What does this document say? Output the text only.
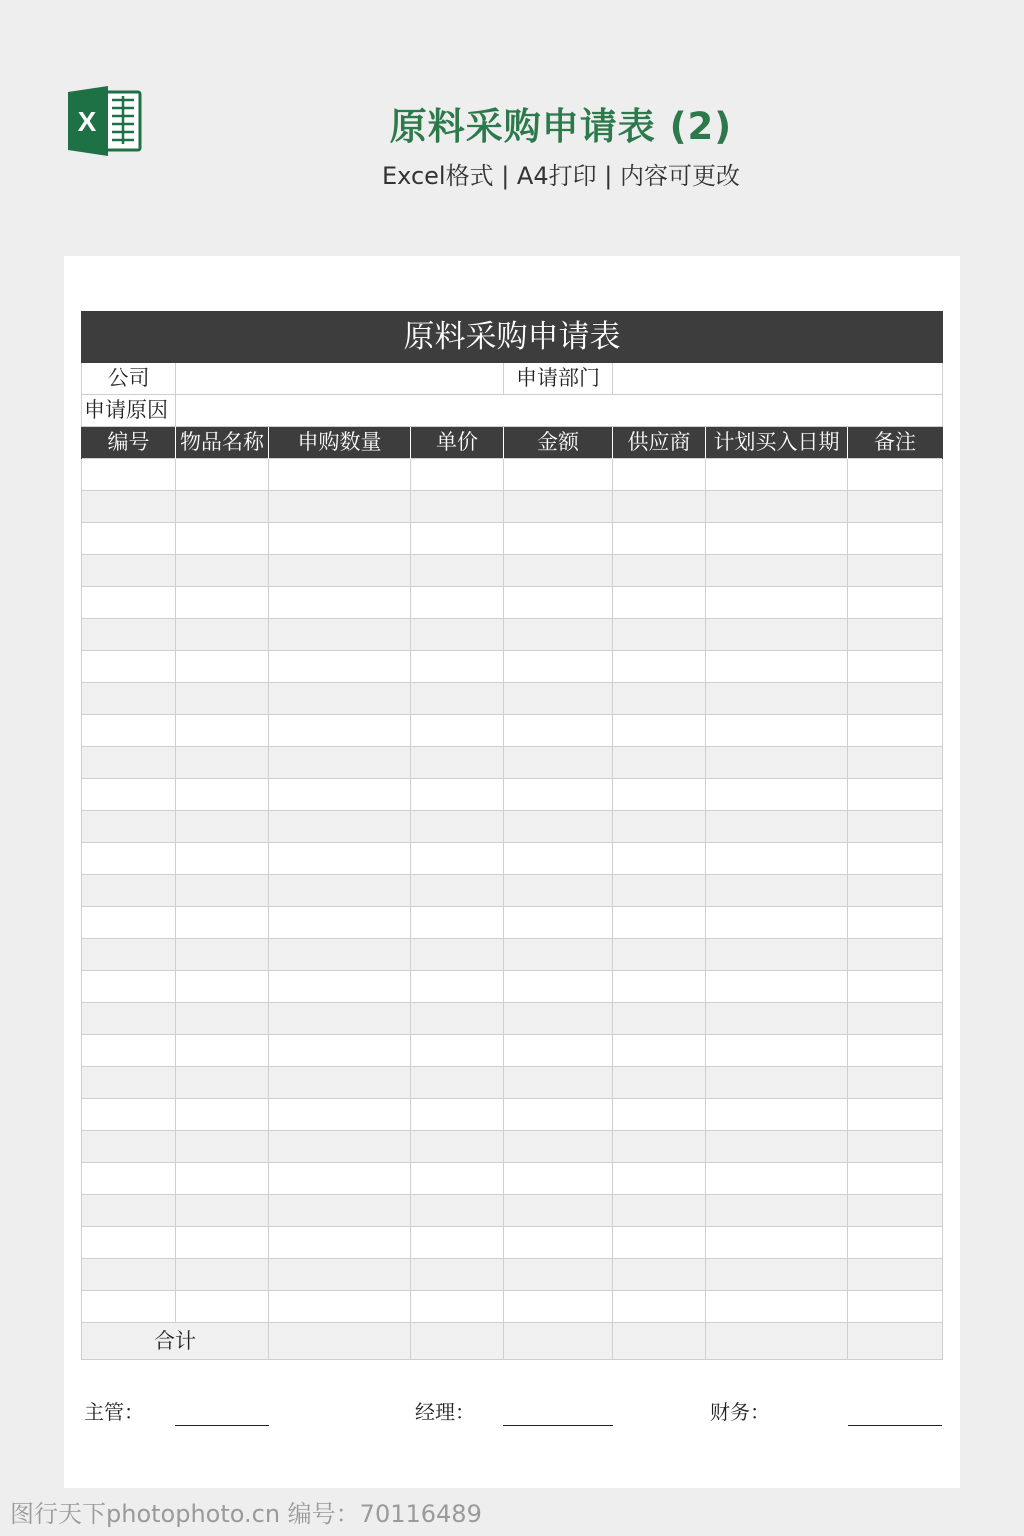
X	原料采购申请表 (2)
Excel格式 | A4打印 | 内容可更改
原料采购申请表							
公司				申请部门			
申请原因							
编号	物品名称	申购数量	单价	金额	供应商	计划买入日期	备注

合计							
主管：	经理：	财务：
图行天下photophoto.cn 编号：70116489
